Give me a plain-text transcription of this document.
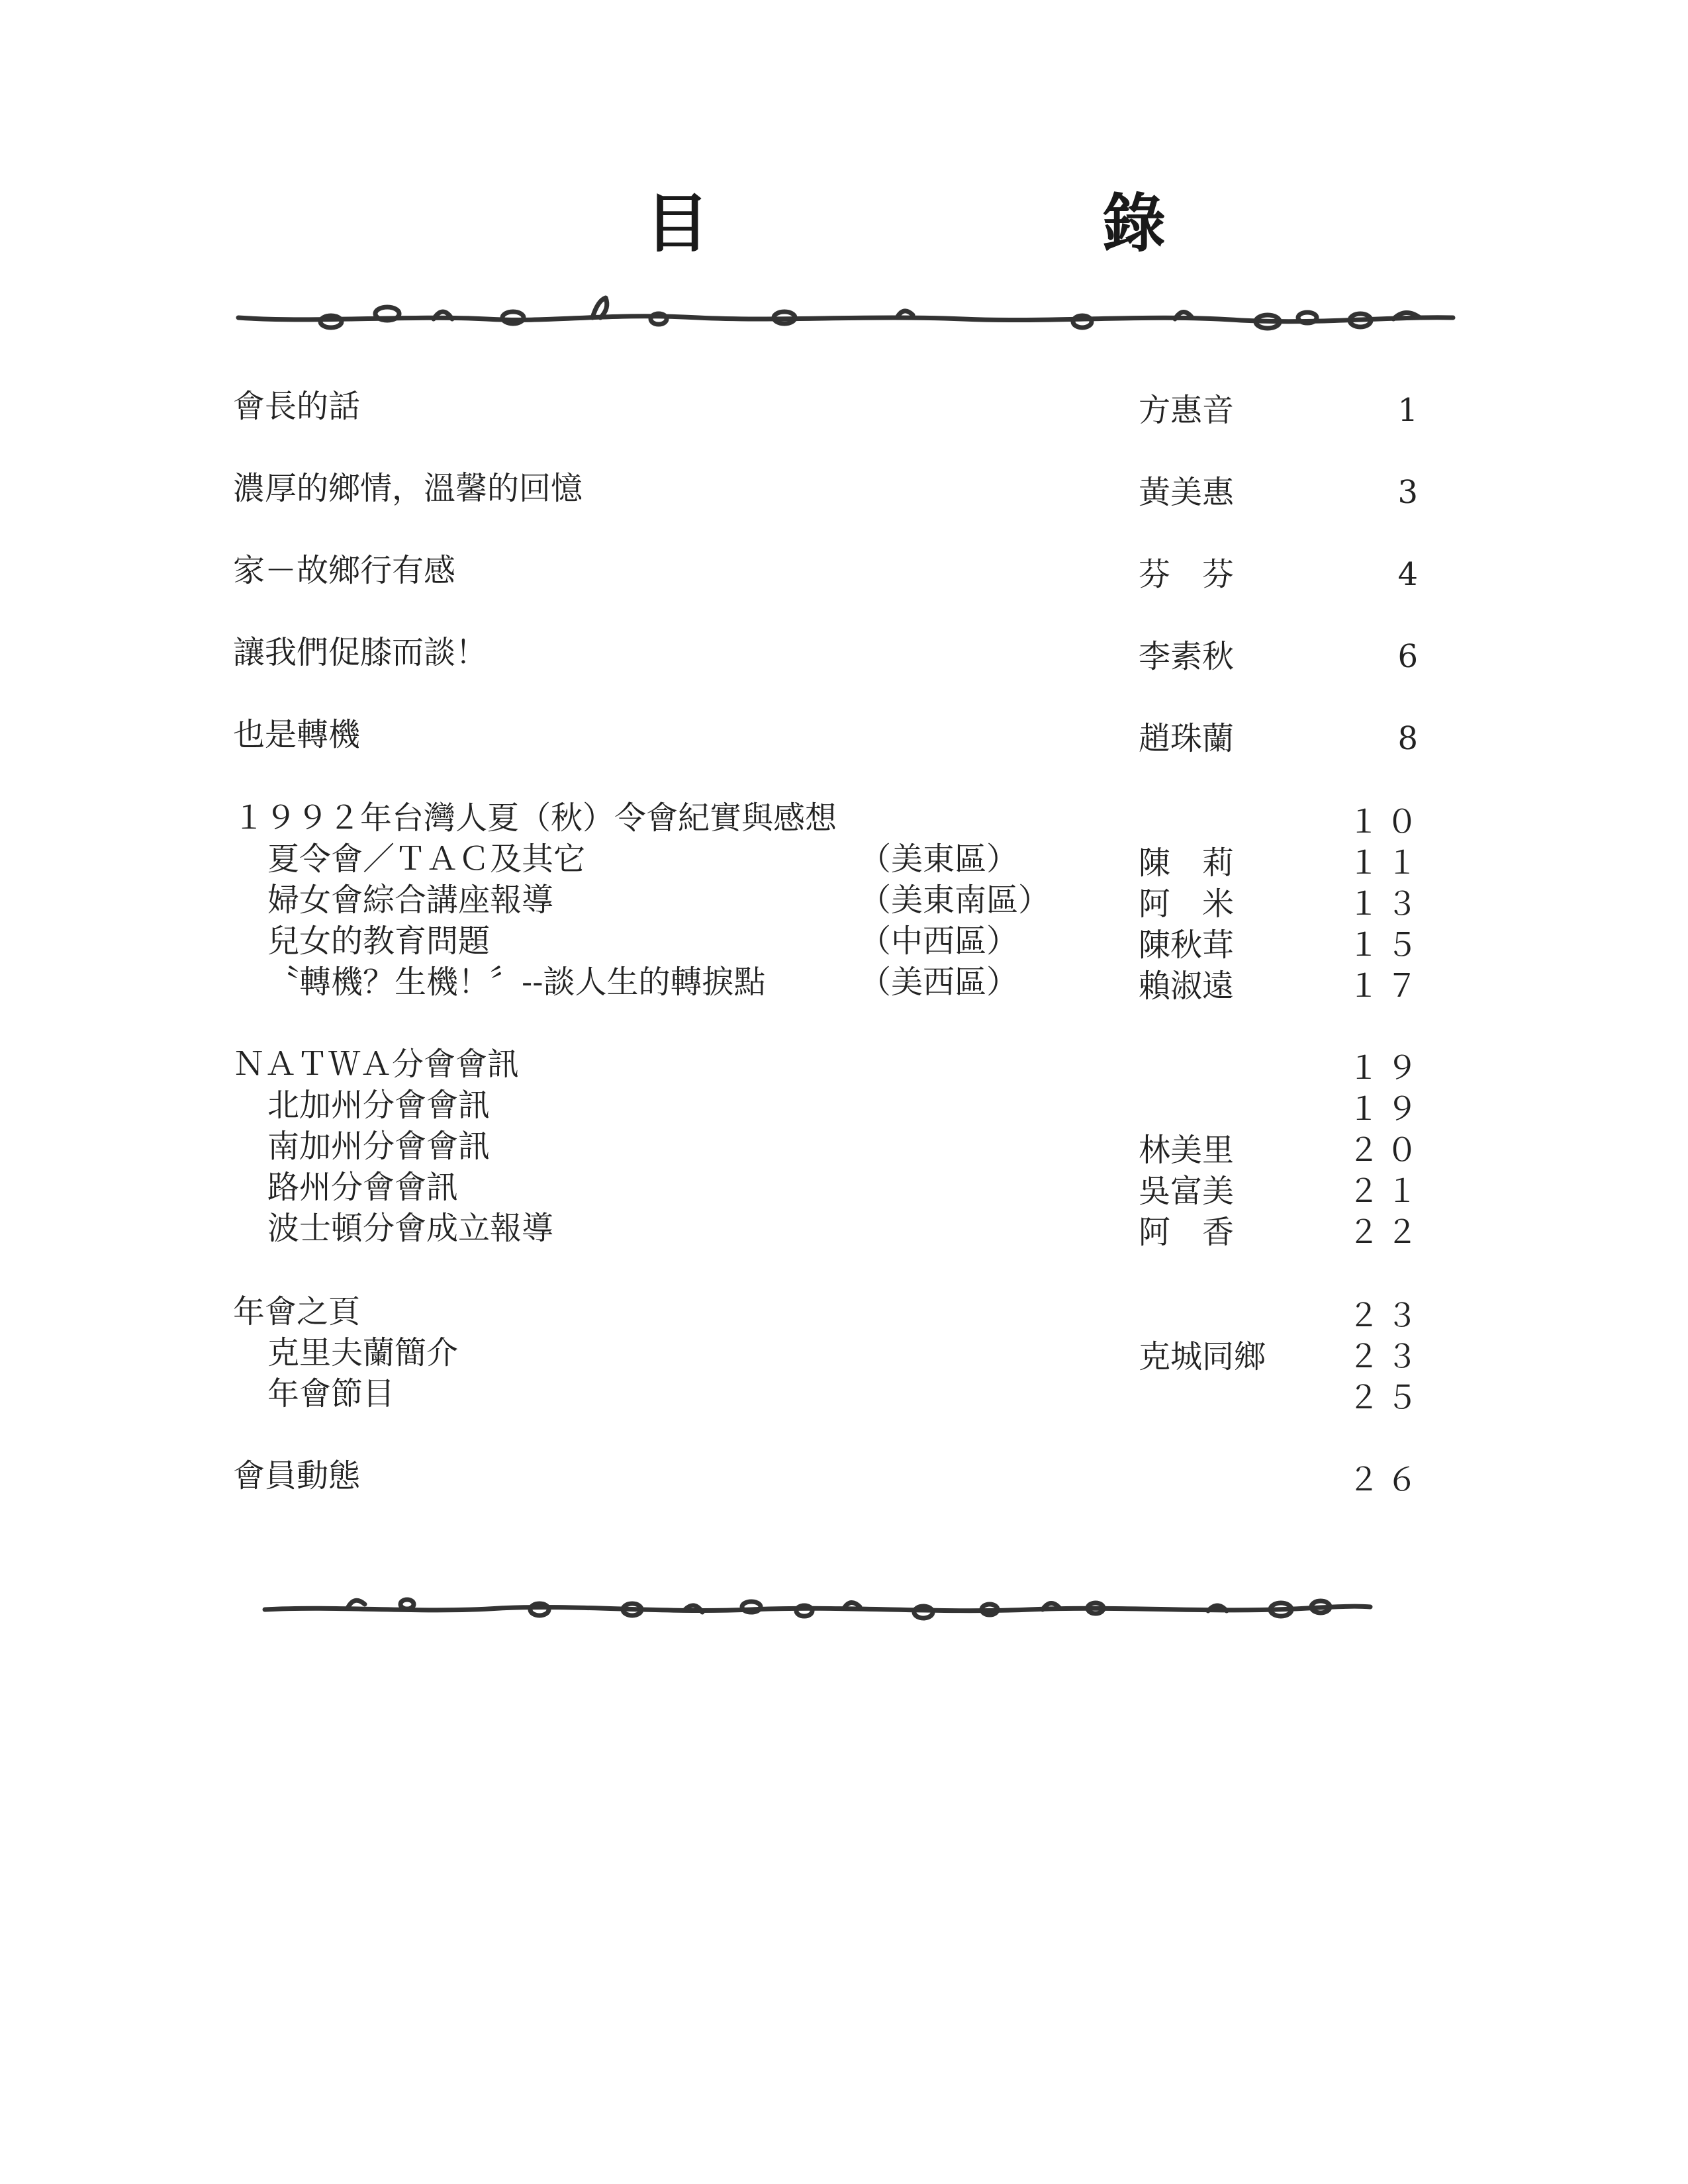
目	錄
會長的話	方惠音	1
濃厚的鄉情，溫馨的回憶	黃美惠	3
家－故鄉行有感	芬　芬	4
讓我們促膝而談！	李素秋	6
也是轉機	趙珠蘭	8
１９９２年台灣人夏（秋）令會紀實與感想	１０
夏令會／ＴＡＣ及其它	（美東區）	陳　莉	１１
婦女會綜合講座報導	（美東南區）	阿　米	１３
兒女的教育問題	（中西區）	陳秋茸	１５
〝轉機？生機！〞--談人生的轉捩點	（美西區）	賴淑遠	１７
ＮＡＴＷＡ分會會訊	１９
北加州分會會訊	１９
南加州分會會訊	林美里	２０
路州分會會訊	吳富美	２１
波士頓分會成立報導	阿　香	２２
年會之頁	２３
克里夫蘭簡介	克城同鄉	２３
年會節目	２５
會員動態	２６
